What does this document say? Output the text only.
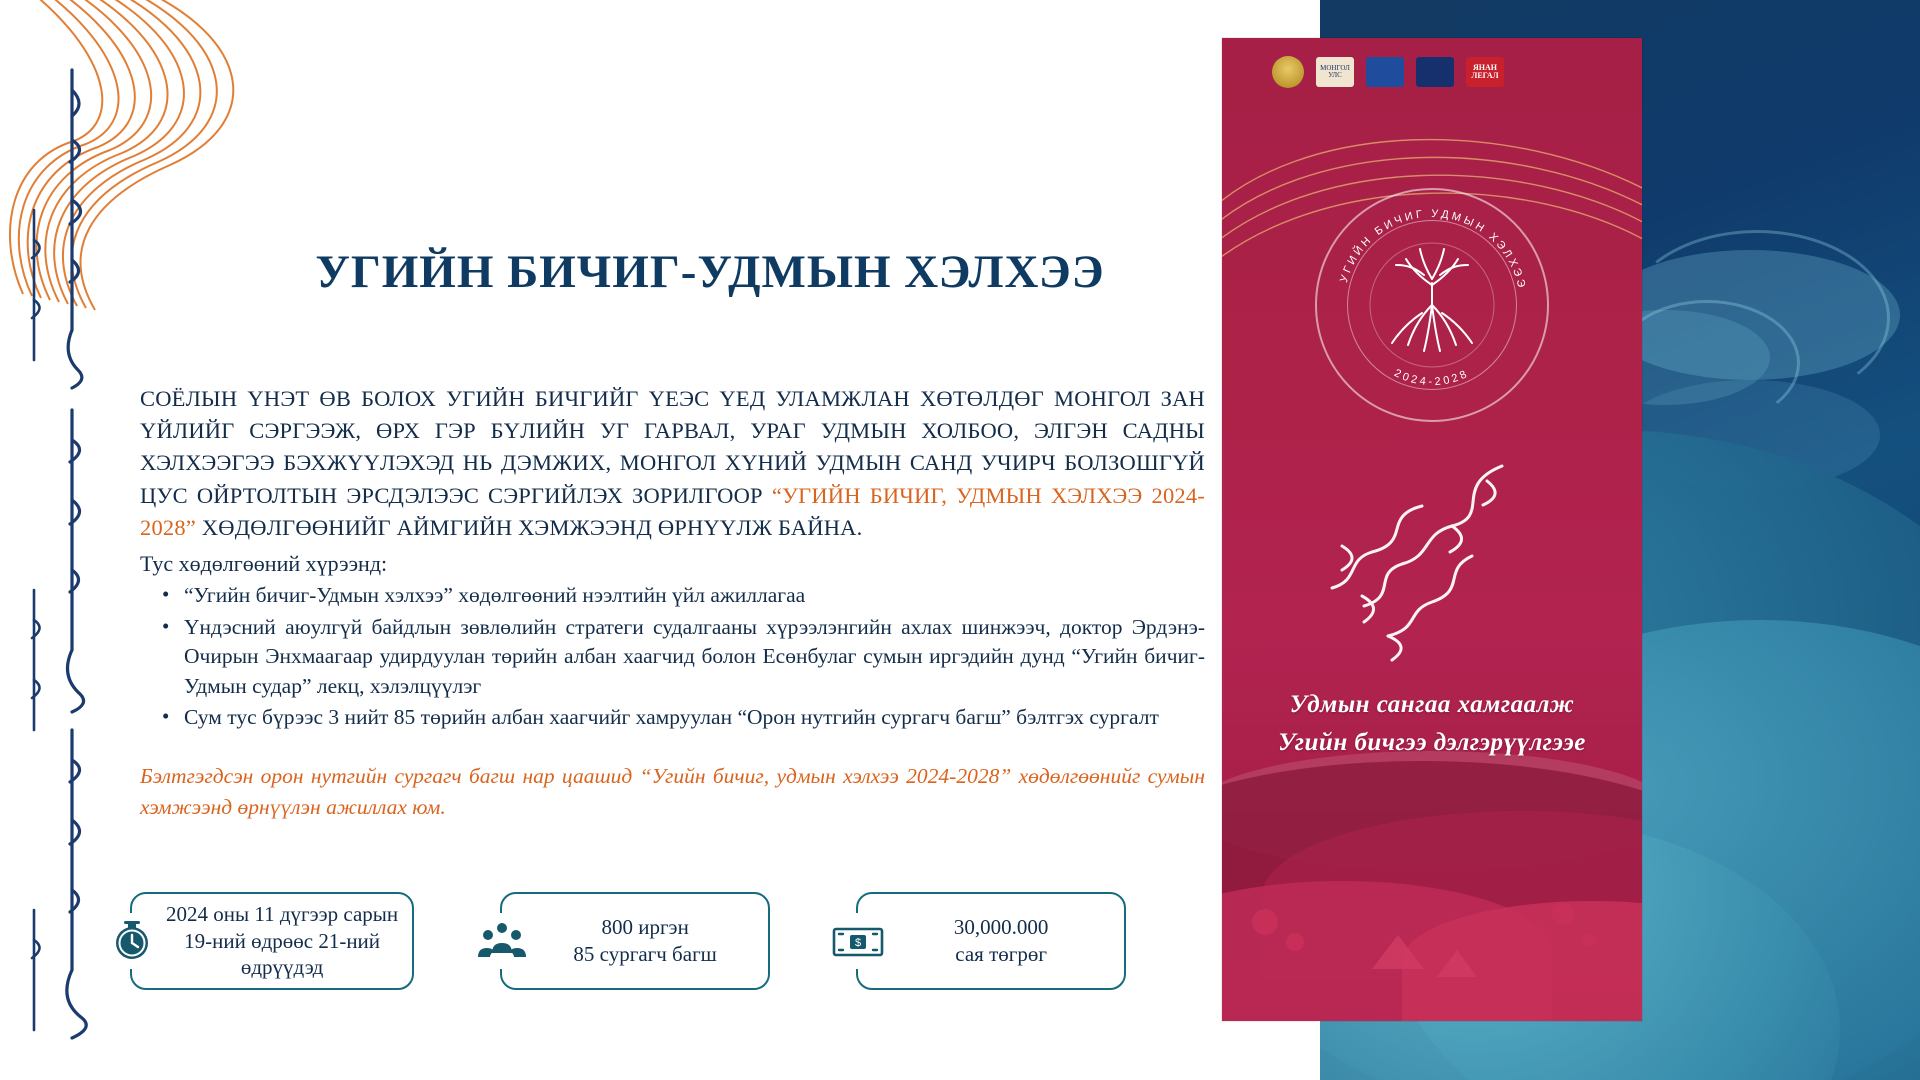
УГИЙН БИЧИГ-УДМЫН ХЭЛХЭЭ
СОЁЛЫН ҮНЭТ ӨВ БОЛОХ УГИЙН БИЧГИЙГ ҮЕЭС ҮЕД УЛАМЖЛАН ХӨТӨЛДӨГ МОНГОЛ ЗАН ҮЙЛИЙГ СЭРГЭЭЖ, ӨРХ ГЭР БҮЛИЙН УГ ГАРВАЛ, УРАГ УДМЫН ХОЛБОО, ЭЛГЭН САДНЫ ХЭЛХЭЭГЭЭ БЭХЖҮҮЛЭХЭД НЬ ДЭМЖИХ, МОНГОЛ ХҮНИЙ УДМЫН САНД УЧИРЧ БОЛЗОШГҮЙ ЦУС ОЙРТОЛТЫН ЭРСДЭЛЭЭС СЭРГИЙЛЭХ ЗОРИЛГООР “УГИЙН БИЧИГ, УДМЫН ХЭЛХЭЭ 2024-2028” ХӨДӨЛГӨӨНИЙГ АЙМГИЙН ХЭМЖЭЭНД ӨРНҮҮЛЖ БАЙНА.
Тус хөдөлгөөний хүрээнд:
• “Угийн бичиг-Удмын хэлхээ” хөдөлгөөний нээлтийн үйл ажиллагаа
• Үндэсний аюулгүй байдлын зөвлөлийн стратеги судалгааны хүрээлэнгийн ахлах шинжээч, доктор Эрдэнэ-Очирын Энхмаагаар удирдуулан төрийн албан хаагчид болон Есөнбулаг сумын иргэдийн дунд “Угийн бичиг-Удмын судар” лекц, хэлэлцүүлэг
• Сум тус бүрээс 3 нийт 85 төрийн албан хаагчийг хамруулан “Орон нутгийн сургагч багш” бэлтгэх сургалт
Бэлтгэгдсэн орон нутгийн сургагч багш нар цаашид “Угийн бичиг, удмын хэлхээ 2024-2028” хөдөлгөөнийг сумын хэмжээнд өрнүүлэн ажиллах юм.
2024 оны 11 дүгээр сарын
19-ний өдрөөс 21-ний
өдрүүдэд
800 иргэн
85 сургагч багш	$
30,000.000
сая төгрөг
МОНГОЛ УЛС
ЯНАН ЛЕГАЛ
УГИЙН БИЧИГ УДМЫН ХЭЛХЭЭ
2024-2028
Удмын сангаа хамгаалж
Угийн бичгээ дэлгэрүүлгээе
